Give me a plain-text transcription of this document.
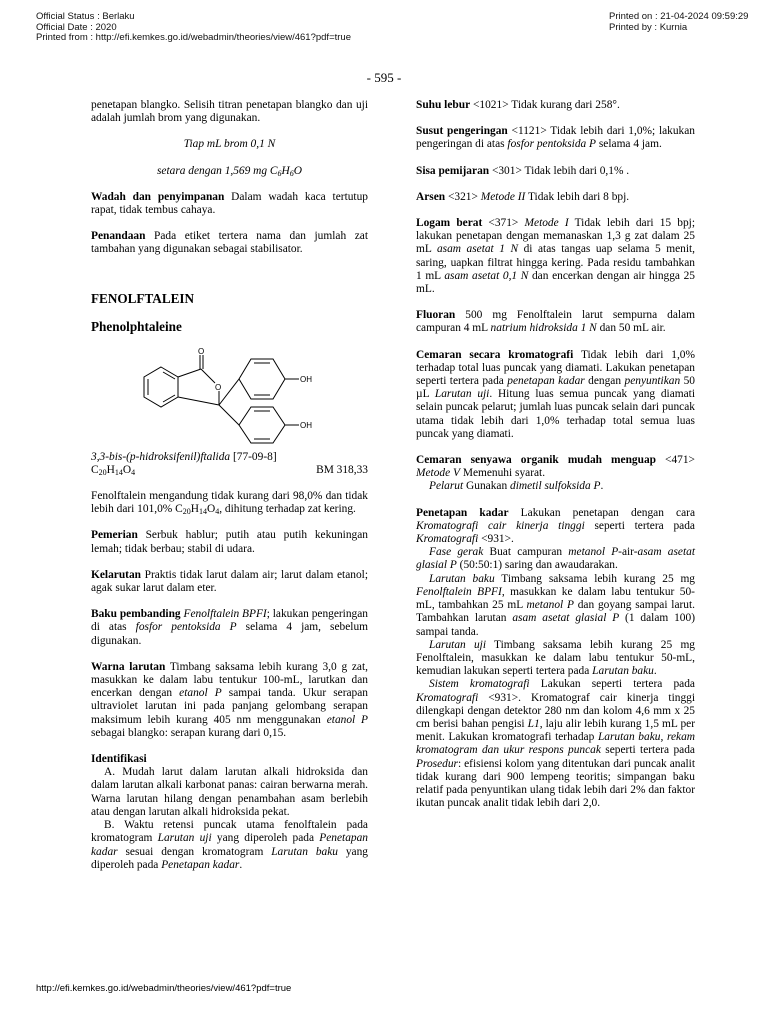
Official Status : Berlaku
Official Date : 2020
Printed from : http://efi.kemkes.go.id/webadmin/theories/view/461?pdf=true
Printed on : 21-04-2024 09:59:29
Printed by : Kurnia
- 595 -

penetapan blangko. Selisih titran penetapan blangko dan uji adalah jumlah brom yang digunakan.

Tiap mL brom 0,1 N

setara dengan 1,569 mg $C_6H_6O$

Wadah dan penyimpanan Dalam wadah kaca tertutup rapat, tidak tembus cahaya.

Penandaan Pada etiket tertera nama dan jumlah zat tambahan yang digunakan sebagai stabilisator.

FENOLFTALEIN

Phenolphtaleine

O
O
OH
OH

3,3-bis-(p-hidroksifenil)ftalida [77-09-8]

$C_{20}H_{14}O_4$	BM 318,33

Fenolftalein mengandung tidak kurang dari 98,0% dan tidak lebih dari 101,0% $C_{20}H_{14}O_4$, dihitung terhadap zat kering.

Pemerian Serbuk hablur; putih atau putih kekuningan lemah; tidak berbau; stabil di udara.

Kelarutan Praktis tidak larut dalam air; larut dalam etanol; agak sukar larut dalam eter.

Baku pembanding Fenolftalein BPFI; lakukan pengeringan di atas fosfor pentoksida P selama 4 jam, sebelum digunakan.

Warna larutan Timbang saksama lebih kurang 3,0 g zat, masukkan ke dalam labu tentukur 100-mL, larutkan dan encerkan dengan etanol P sampai tanda. Ukur serapan ultraviolet larutan ini pada panjang gelombang serapan maksimum lebih kurang 405 nm menggunakan etanol P sebagai blangko: serapan kurang dari 0,15.

Identifikasi

A. Mudah larut dalam larutan alkali hidroksida dan dalam larutan alkali karbonat panas: cairan berwarna merah. Warna larutan hilang dengan penambahan asam berlebih atau dengan larutan alkali hidroksida pekat.

B. Waktu retensi puncak utama fenolftalein pada kromatogram Larutan uji yang diperoleh pada Penetapan kadar sesuai dengan kromatogram Larutan baku yang diperoleh pada Penetapan kadar.

Suhu lebur <1021> Tidak kurang dari 258°.

Susut pengeringan <1121> Tidak lebih dari 1,0%; lakukan pengeringan di atas fosfor pentoksida P selama 4 jam.

Sisa pemijaran <301> Tidak lebih dari 0,1% .

Arsen <321> Metode II Tidak lebih dari 8 bpj.

Logam berat <371> Metode I Tidak lebih dari 15 bpj; lakukan penetapan dengan memanaskan 1,3 g zat dalam 25 mL asam asetat 1 N di atas tangas uap selama 5 menit, saring, uapkan filtrat hingga kering. Pada residu tambahkan 1 mL asam asetat 0,1 N dan encerkan dengan air hingga 25 mL.

Fluoran 500 mg Fenolftalein larut sempurna dalam campuran 4 mL natrium hidroksida 1 N dan 50 mL air.

Cemaran secara kromatografi Tidak lebih dari 1,0% terhadap total luas puncak yang diamati. Lakukan penetapan seperti tertera pada penetapan kadar dengan penyuntikan 50 µL Larutan uji. Hitung luas semua puncak yang diamati selain puncak pelarut; jumlah luas puncak selain dari puncak utama tidak lebih dari 1,0% terhadap total semua luas puncak yang diamati.

Cemaran senyawa organik mudah menguap <471> Metode V Memenuhi syarat.

Pelarut Gunakan dimetil sulfoksida P.

Penetapan kadar Lakukan penetapan dengan cara Kromatografi cair kinerja tinggi seperti tertera pada Kromatografi <931>.

Fase gerak Buat campuran metanol P-air-asam asetat glasial P (50:50:1) saring dan awaudarakan.

Larutan baku Timbang saksama lebih kurang 25 mg Fenolftalein BPFI, masukkan ke dalam labu tentukur 50-mL, tambahkan 25 mL metanol P dan goyang sampai larut. Tambahkan larutan asam asetat glasial P (1 dalam 100) sampai tanda.

Larutan uji Timbang saksama lebih kurang 25 mg Fenolftalein, masukkan ke dalam labu tentukur 50-mL, kemudian lakukan seperti tertera pada Larutan baku.

Sistem kromatografi Lakukan seperti tertera pada Kromatografi <931>. Kromatograf cair kinerja tinggi dilengkapi dengan detektor 280 nm dan kolom 4,6 mm x 25 cm berisi bahan pengisi L1, laju alir lebih kurang 1,5 mL per menit. Lakukan kromatografi terhadap Larutan baku, rekam kromatogram dan ukur respons puncak seperti tertera pada Prosedur: efisiensi kolom yang ditentukan dari puncak analit tidak kurang dari 900 lempeng teoritis; simpangan baku relatif pada penyuntikan ulang tidak lebih dari 2% dan faktor ikutan puncak analit tidak lebih dari 2,0.

http://efi.kemkes.go.id/webadmin/theories/view/461?pdf=true
